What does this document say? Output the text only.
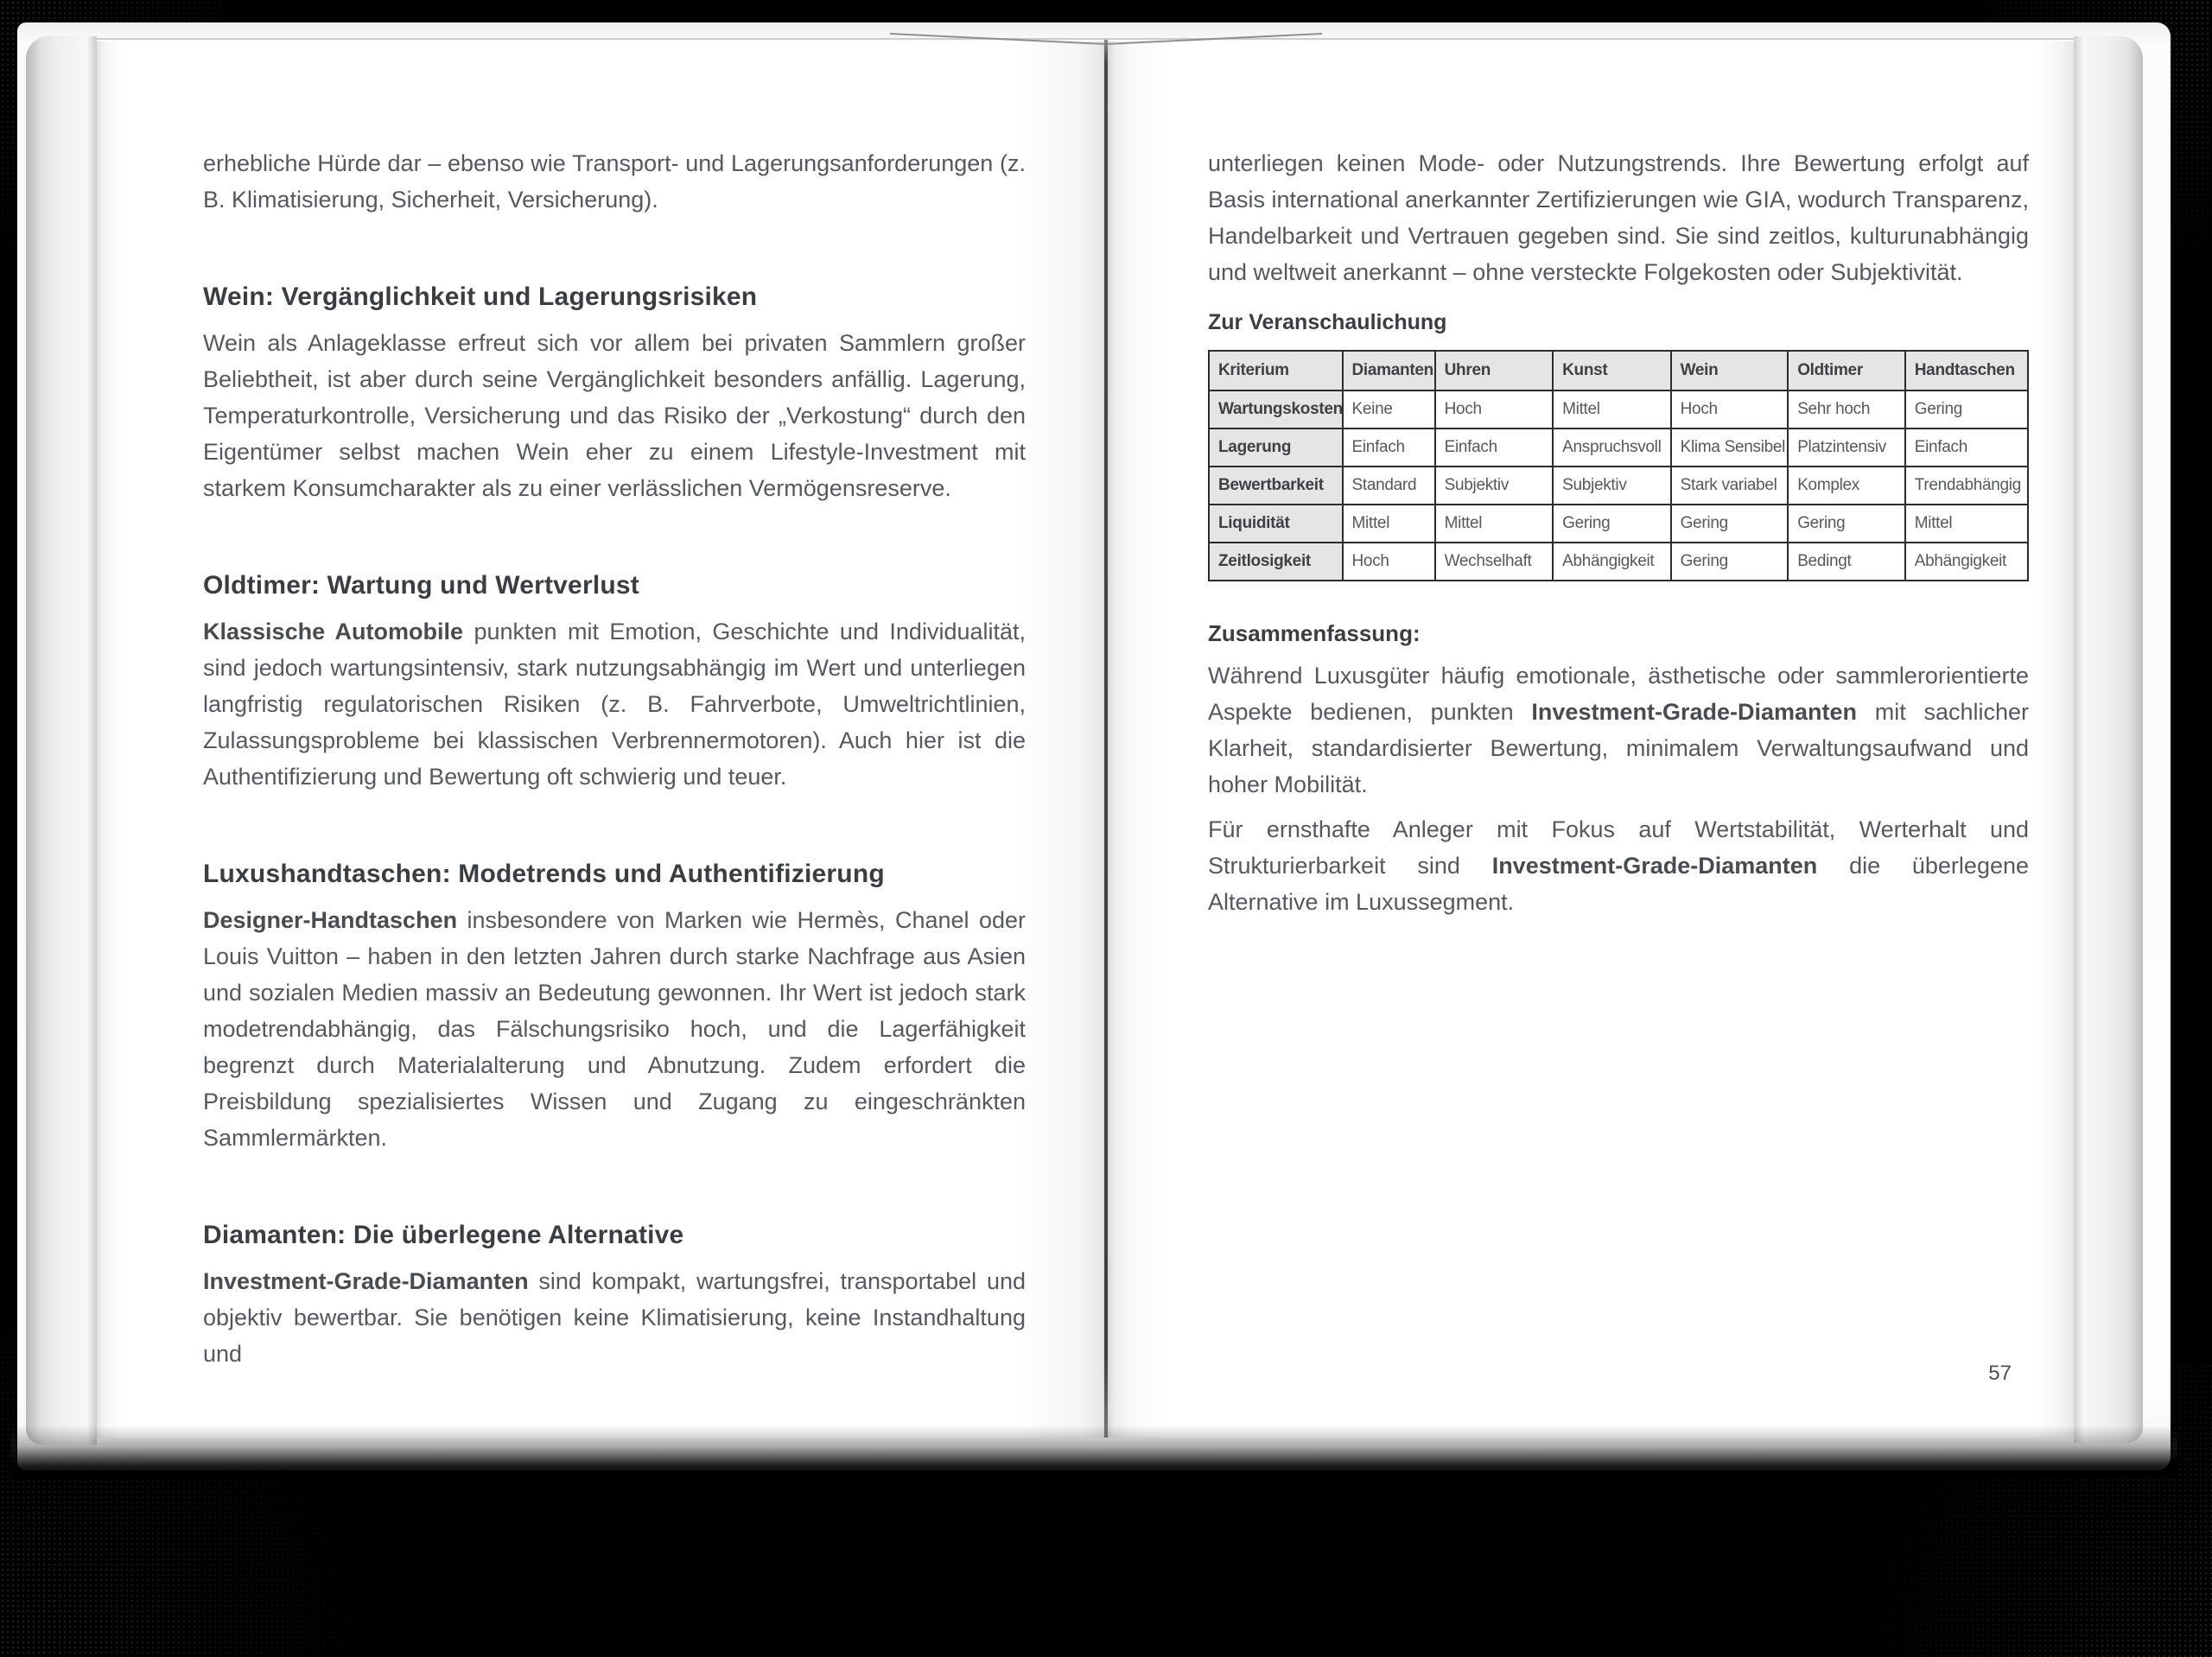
erhebliche Hürde dar – ebenso wie Transport- und Lagerungsanforderungen (z. B. Klimatisierung, Sicherheit, Versicherung).

Wein: Vergänglichkeit und Lagerungsrisiken

Wein als Anlageklasse erfreut sich vor allem bei privaten Sammlern großer Beliebtheit, ist aber durch seine Vergänglichkeit besonders anfällig. Lagerung, Temperaturkontrolle, Versicherung und das Risiko der „Verkostung“ durch den Eigentümer selbst machen Wein eher zu einem Lifestyle-Investment mit starkem Konsumcharakter als zu einer verlässlichen Vermögensreserve.

Oldtimer: Wartung und Wertverlust

Klassische Automobile punkten mit Emotion, Geschichte und Individualität, sind jedoch wartungsintensiv, stark nutzungsabhängig im Wert und unterliegen langfristig regulatorischen Risiken (z. B. Fahrverbote, Umweltrichtlinien, Zulassungsprobleme bei klassischen Verbrennermotoren). Auch hier ist die Authentifizierung und Bewertung oft schwierig und teuer.

Luxushandtaschen: Modetrends und Authentifizierung

Designer-Handtaschen insbesondere von Marken wie Hermès, Chanel oder Louis Vuitton – haben in den letzten Jahren durch starke Nachfrage aus Asien und sozialen Medien massiv an Bedeutung gewonnen. Ihr Wert ist jedoch stark modetrendabhängig, das Fälschungsrisiko hoch, und die Lagerfähigkeit begrenzt durch Materialalterung und Abnutzung. Zudem erfordert die Preisbildung spezialisiertes Wissen und Zugang zu eingeschränkten Sammlermärkten.

Diamanten: Die überlegene Alternative

Investment-Grade-Diamanten sind kompakt, wartungsfrei, transportabel und objektiv bewertbar. Sie benötigen keine Klimatisierung, keine Instandhaltung und

unterliegen keinen Mode- oder Nutzungstrends. Ihre Bewertung erfolgt auf Basis international anerkannter Zertifizierungen wie GIA, wodurch Transparenz, Handelbarkeit und Vertrauen gegeben sind. Sie sind zeitlos, kulturunabhängig und weltweit anerkannt – ohne versteckte Folgekosten oder Subjektivität.

Zur Veranschaulichung
Kriterium	Diamanten	Uhren	Kunst	Wein	Oldtimer	Handtaschen
Wartungskosten	Keine	Hoch	Mittel	Hoch	Sehr hoch	Gering
Lagerung	Einfach	Einfach	Anspruchsvoll	Klima Sensibel	Platzintensiv	Einfach
Bewertbarkeit	Standard	Subjektiv	Subjektiv	Stark variabel	Komplex	Trendabhängig
Liquidität	Mittel	Mittel	Gering	Gering	Gering	Mittel
Zeitlosigkeit	Hoch	Wechselhaft	Abhängigkeit	Gering	Bedingt	Abhängigkeit
Zusammenfassung:

Während Luxusgüter häufig emotionale, ästhetische oder sammlerorientierte Aspekte bedienen, punkten Investment-Grade-Diamanten mit sachlicher Klarheit, standardisierter Bewertung, minimalem Verwaltungsaufwand und hoher Mobilität.

Für ernsthafte Anleger mit Fokus auf Wertstabilität, Werterhalt und Strukturierbarkeit sind Investment-Grade-Diamanten die überlegene Alternative im Luxussegment.

57
